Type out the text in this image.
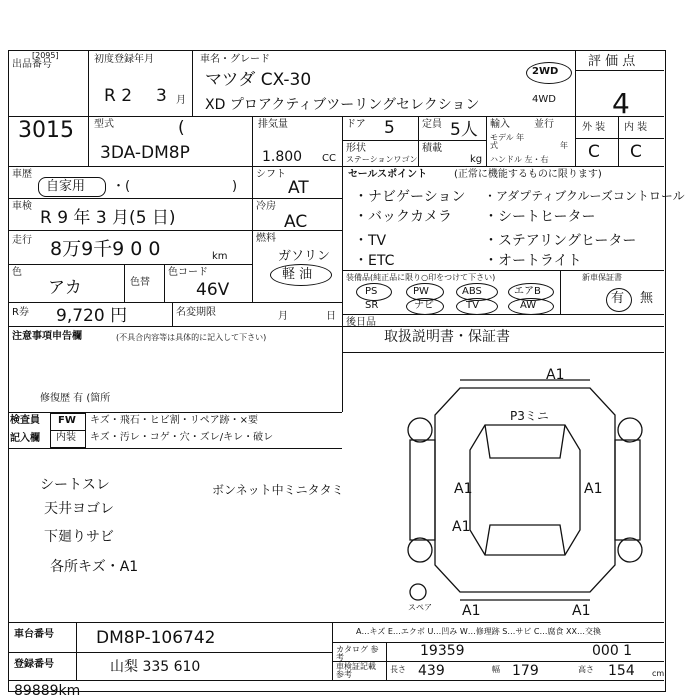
出品番号
[2095]
3015
初度登録年月
R 2 3 月
車名・グレード
マツダ CX-30
XD プロアクティブツーリングセレクション
2WD
4WD
評 価 点
4
外 装 内 装
C C
型式	(
3DA-DM8P
排気量
1.800 CC
ドア 5	定員 5人
形状
ステーションワゴン
積載
kg
輸入 並行
モデル 年式	年
ハンドル 左・右
車歴
自家用 ・(	)
シフト
AT
車検
R 9 年 3 月(5 日)
冷房
AC
走行 8万9千9 0 0	km
燃料
ガソリン
軽 油
色
アカ	色替
色コード
46V
R券 9,720 円	名変期限	月	日
セールスポイント	(正常に機能するものに限ります)
・ナビゲーション
・バックカメラ
・TV
・ETC
・アダプティブクルーズコントロール
・シートヒーター
・ステアリングヒーター
・オートライト
装備品(純正品に限り○印をつけて下さい)	新車保証書
PS	PW	ABS	エアB
SR	ナビ	TV	AW	有 無
後日品
取扱説明書・保証書
注意事項申告欄	(不具合内容等は具体的に記入して下さい)
修復歴 有 (箇所
検査員
記入欄
FW キズ・飛石・ヒビ割・リペア跡・×要
内装 キズ・汚レ・コゲ・穴・ズレ/キレ・破レ
シートスレ
天井ヨゴレ
下廻りサビ
各所キズ・A1
ボンネット中ミニタタミ
A1
P3ミニ
A1	A1
A1
A1	A1
スペア
車台番号 DM8P-106742
登録番号	山梨 335 610
A…キズ E…エクボ U…凹み W…修理跡 S…サビ C…腐食 XX…交換
カタログ 参考	19359	000 1
車検証記載 参考
長さ 439	幅 179	高さ 154 cm
89889km
